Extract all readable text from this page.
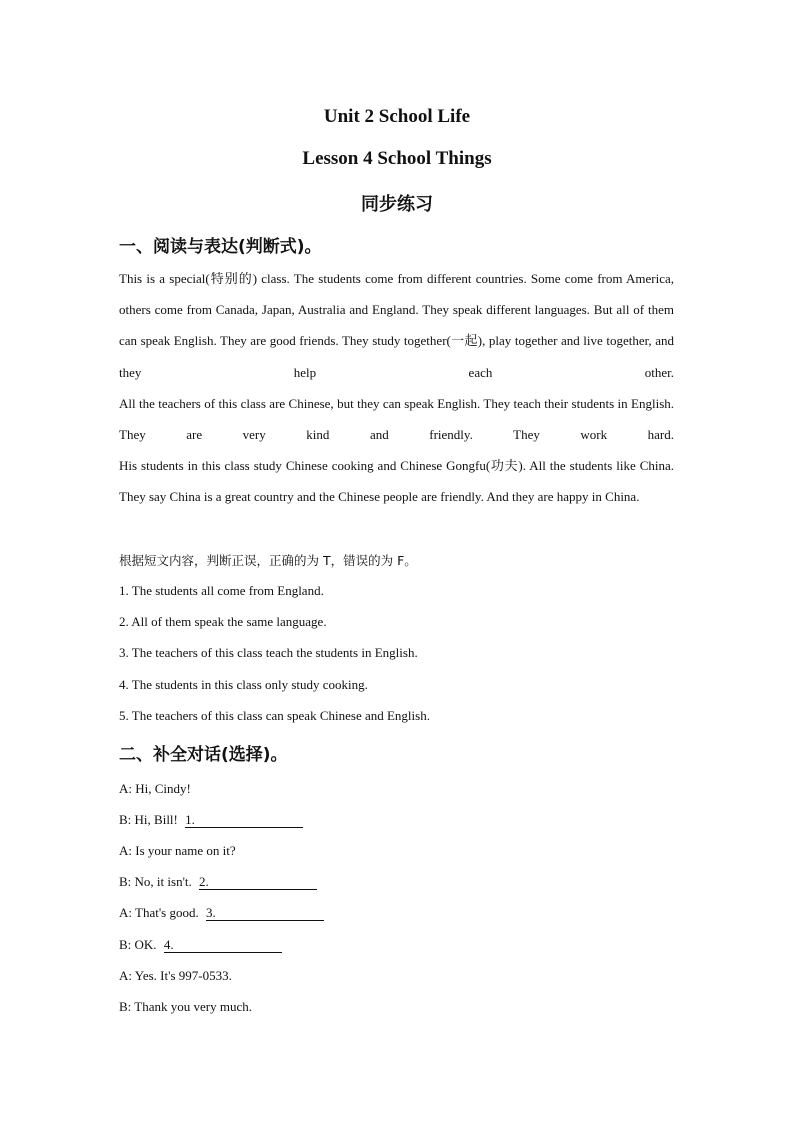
Unit 2 School Life
Lesson 4 School Things
同步练习
一、阅读与表达(判断式)。

This is a special(特别的) class. The students come from different countries. Some come from America, others come from Canada, Japan, Australia and England. They speak different languages. But all of them can speak English. They are good friends. They study together(一起), play together and live together, and they help each other.

All the teachers of this class are Chinese, but they can speak English. They teach their students in English. They are very kind and friendly. They work hard.

His students in this class study Chinese cooking and Chinese Gongfu(功夫). All the students like China. They say China is a great country and the Chinese people are friendly. And they are happy in China.

根据短文内容，判断正误，正确的为 T，错误的为 F。

1. The students all come from England.

2. All of them speak the same language.

3. The teachers of this class teach the students in English.

4. The students in this class only study cooking.

5. The teachers of this class can speak Chinese and English.

二、补全对话(选择)。

A: Hi, Cindy!

B: Hi, Bill! 1.

A: Is your name on it?

B: No, it isn't. 2.

A: That's good. 3.

B: OK. 4.

A: Yes. It's 997-0533.

B: Thank you very much.
